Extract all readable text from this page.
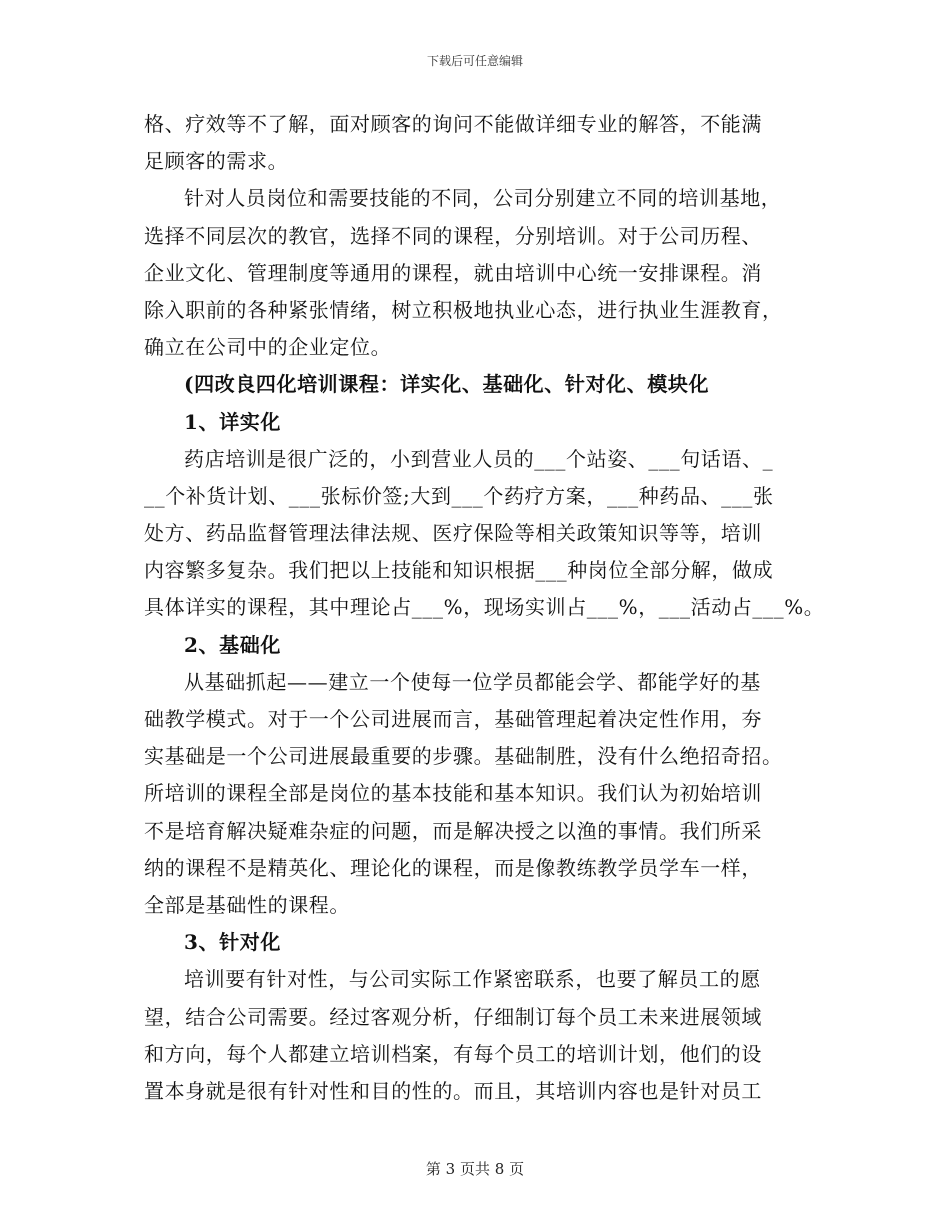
下载后可任意编辑
格、疗效等不了解，面对顾客的询问不能做详细专业的解答，不能满
足顾客的需求。
针对人员岗位和需要技能的不同，公司分别建立不同的培训基地，
选择不同层次的教官，选择不同的课程，分别培训。对于公司历程、
企业文化、管理制度等通用的课程，就由培训中心统一安排课程。消
除入职前的各种紧张情绪，树立积极地执业心态，进行执业生涯教育，
确立在公司中的企业定位。
(四改良四化培训课程：详实化、基础化、针对化、模块化
1、详实化
药店培训是很广泛的，小到营业人员的___个站姿、___句话语、_
__个补货计划、___张标价签;大到___个药疗方案，___种药品、___张
处方、药品监督管理法律法规、医疗保险等相关政策知识等等，培训
内容繁多复杂。我们把以上技能和知识根据___种岗位全部分解，做成
具体详实的课程，其中理论占___%，现场实训占___%，___活动占___%。
2、基础化
从基础抓起——建立一个使每一位学员都能会学、都能学好的基
础教学模式。对于一个公司进展而言，基础管理起着决定性作用，夯
实基础是一个公司进展最重要的步骤。基础制胜，没有什么绝招奇招。
所培训的课程全部是岗位的基本技能和基本知识。我们认为初始培训
不是培育解决疑难杂症的问题，而是解决授之以渔的事情。我们所采
纳的课程不是精英化、理论化的课程，而是像教练教学员学车一样，
全部是基础性的课程。
3、针对化
培训要有针对性，与公司实际工作紧密联系，也要了解员工的愿
望，结合公司需要。经过客观分析，仔细制订每个员工未来进展领域
和方向，每个人都建立培训档案，有每个员工的培训计划，他们的设
置本身就是很有针对性和目的性的。而且，其培训内容也是针对员工
第 3 页共 8 页
